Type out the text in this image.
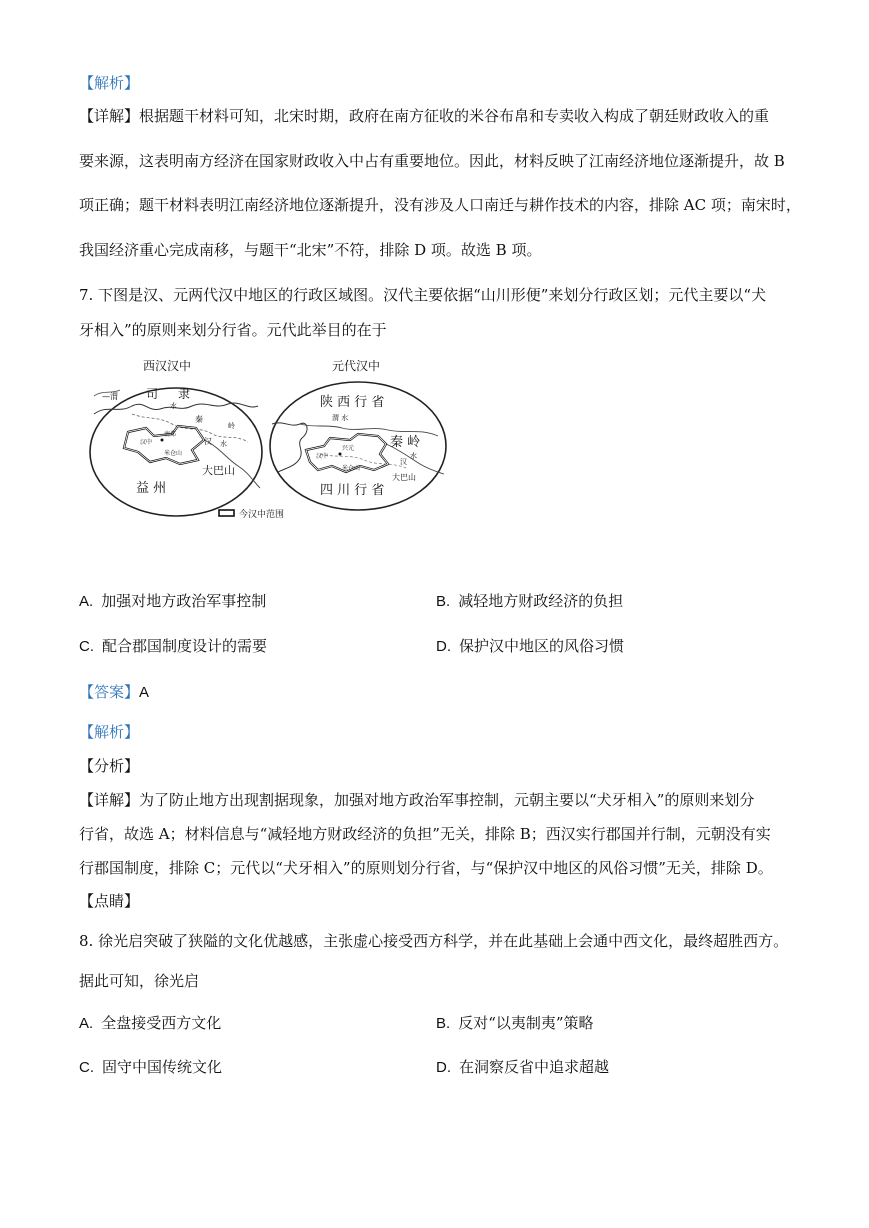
【解析】
【详解】根据题干材料可知，北宋时期，政府在南方征收的米谷布帛和专卖收入构成了朝廷财政收入的重
要来源，这表明南方经济在国家财政收入中占有重要地位。因此，材料反映了江南经济地位逐渐提升，故 B
项正确；题干材料表明江南经济地位逐渐提升，没有涉及人口南迁与耕作技术的内容，排除 AC 项；南宋时，
我国经济重心完成南移，与题干“北宋”不符，排除 D 项。故选 B 项。
7. 下图是汉、元两代汉中地区的行政区域图。汉代主要依据“山川形便”来划分行政区划；元代主要以“犬
牙相入”的原则来划分行省。元代此举目的在于
西汉汉中
—渭 司 隶
水
秦
岭
汉 水
南郑
汉中
米仓山
大巴山
益 州
元代汉中
陕 西 行 省
渭 水
秦 岭
汉
水
汉中
兴元
米仓山
大巴山
四 川 行 省
今汉中范围
A. 加强对地方政治军事控制	B. 减轻地方财政经济的负担
C. 配合郡国制度设计的需要	D. 保护汉中地区的风俗习惯
【答案】A
【解析】
【分析】
【详解】为了防止地方出现割据现象，加强对地方政治军事控制，元朝主要以“犬牙相入”的原则来划分
行省，故选 A；材料信息与“减轻地方财政经济的负担”无关，排除 B；西汉实行郡国并行制，元朝没有实
行郡国制度，排除 C；元代以“犬牙相入”的原则划分行省，与“保护汉中地区的风俗习惯”无关，排除 D。
【点睛】
8. 徐光启突破了狭隘的文化优越感，主张虚心接受西方科学，并在此基础上会通中西文化，最终超胜西方。
据此可知，徐光启
A. 全盘接受西方文化	B. 反对“以夷制夷”策略
C. 固守中国传统文化	D. 在洞察反省中追求超越
